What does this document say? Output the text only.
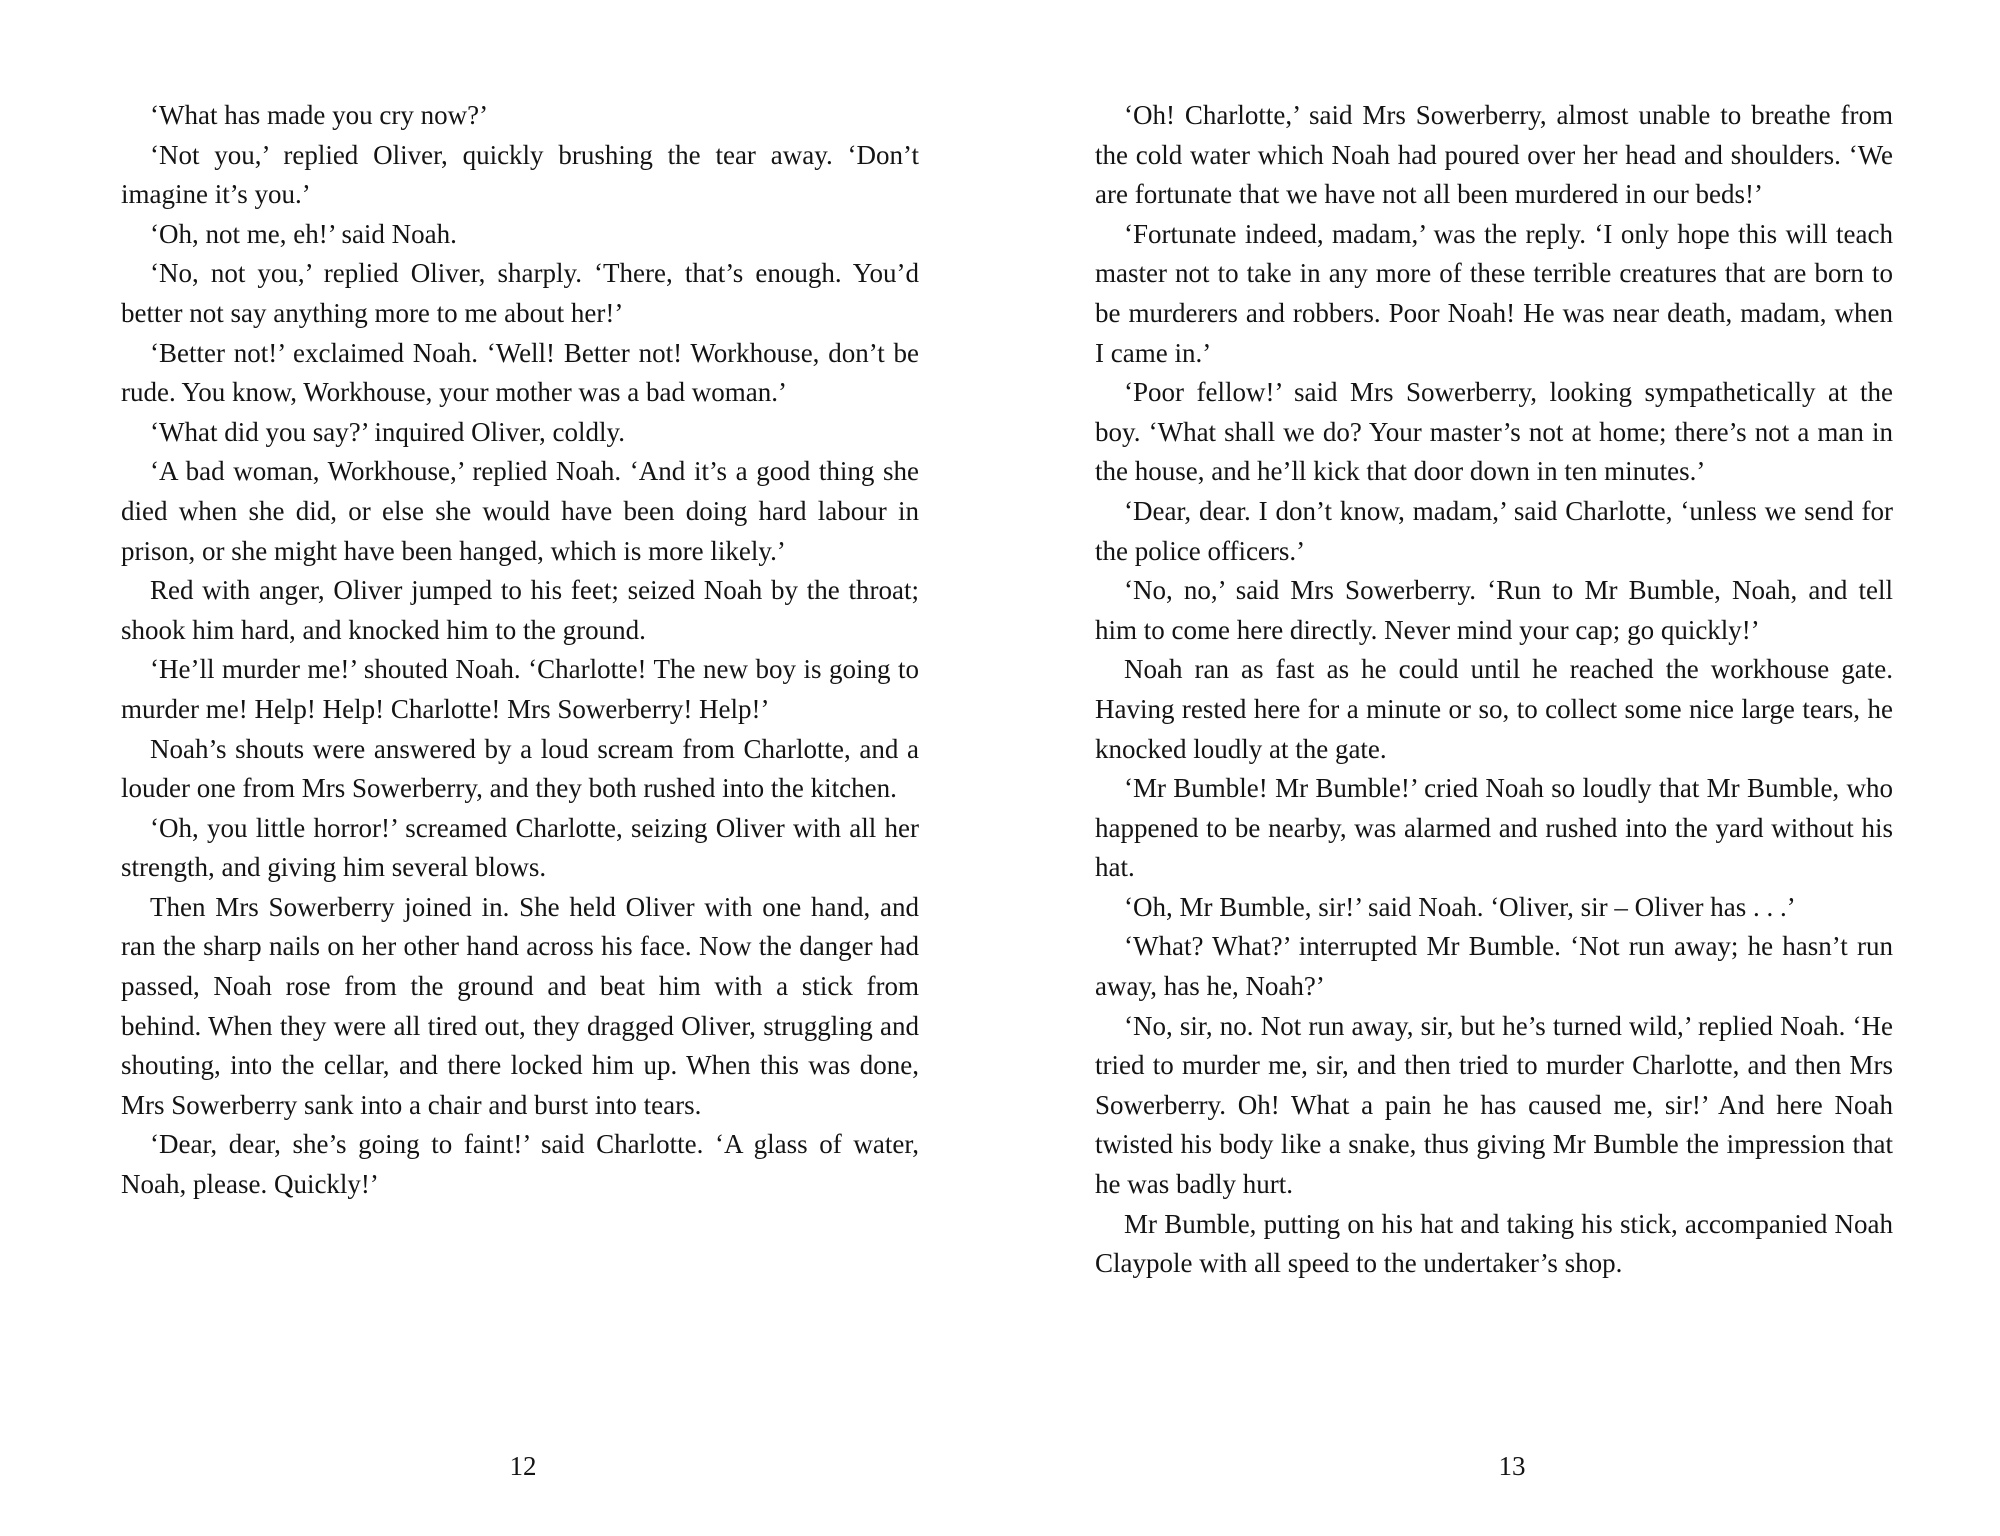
‘What has made you cry now?’

‘Not you,’ replied Oliver, quickly brushing the tear away. ‘Don’t imagine it’s you.’

‘Oh, not me, eh!’ said Noah.

‘No, not you,’ replied Oliver, sharply. ‘There, that’s enough. You’d better not say anything more to me about her!’

‘Better not!’ exclaimed Noah. ‘Well! Better not! Workhouse, don’t be rude. You know, Workhouse, your mother was a bad woman.’

‘What did you say?’ inquired Oliver, coldly.

‘A bad woman, Workhouse,’ replied Noah. ‘And it’s a good thing she died when she did, or else she would have been doing hard labour in prison, or she might have been hanged, which is more likely.’

Red with anger, Oliver jumped to his feet; seized Noah by the throat; shook him hard, and knocked him to the ground.

‘He’ll murder me!’ shouted Noah. ‘Charlotte! The new boy is going to murder me! Help! Help! Charlotte! Mrs Sowerberry! Help!’

Noah’s shouts were answered by a loud scream from Charlotte, and a louder one from Mrs Sowerberry, and they both rushed into the kitchen.

‘Oh, you little horror!’ screamed Charlotte, seizing Oliver with all her strength, and giving him several blows.

Then Mrs Sowerberry joined in. She held Oliver with one hand, and ran the sharp nails on her other hand across his face. Now the danger had passed, Noah rose from the ground and beat him with a stick from behind. When they were all tired out, they dragged Oliver, struggling and shouting, into the cellar, and there locked him up. When this was done, Mrs Sowerberry sank into a chair and burst into tears.

‘Dear, dear, she’s going to faint!’ said Charlotte. ‘A glass of water, Noah, please. Quickly!’

‘Oh! Charlotte,’ said Mrs Sowerberry, almost unable to breathe from the cold water which Noah had poured over her head and shoulders. ‘We are fortunate that we have not all been murdered in our beds!’

‘Fortunate indeed, madam,’ was the reply. ‘I only hope this will teach master not to take in any more of these terrible creatures that are born to be murderers and robbers. Poor Noah! He was near death, madam, when I came in.’

‘Poor fellow!’ said Mrs Sowerberry, looking sympathetically at the boy. ‘What shall we do? Your master’s not at home; there’s not a man in the house, and he’ll kick that door down in ten minutes.’

‘Dear, dear. I don’t know, madam,’ said Charlotte, ‘unless we send for the police officers.’

‘No, no,’ said Mrs Sowerberry. ‘Run to Mr Bumble, Noah, and tell him to come here directly. Never mind your cap; go quickly!’

Noah ran as fast as he could until he reached the workhouse gate. Having rested here for a minute or so, to collect some nice large tears, he knocked loudly at the gate.

‘Mr Bumble! Mr Bumble!’ cried Noah so loudly that Mr Bumble, who happened to be nearby, was alarmed and rushed into the yard without his hat.

‘Oh, Mr Bumble, sir!’ said Noah. ‘Oliver, sir – Oliver has . . .’

‘What? What?’ interrupted Mr Bumble. ‘Not run away; he hasn’t run away, has he, Noah?’

‘No, sir, no. Not run away, sir, but he’s turned wild,’ replied Noah. ‘He tried to murder me, sir, and then tried to murder Charlotte, and then Mrs Sowerberry. Oh! What a pain he has caused me, sir!’ And here Noah twisted his body like a snake, thus giving Mr Bumble the impression that he was badly hurt.

Mr Bumble, putting on his hat and taking his stick, accompanied Noah Claypole with all speed to the undertaker’s shop.

12	13
